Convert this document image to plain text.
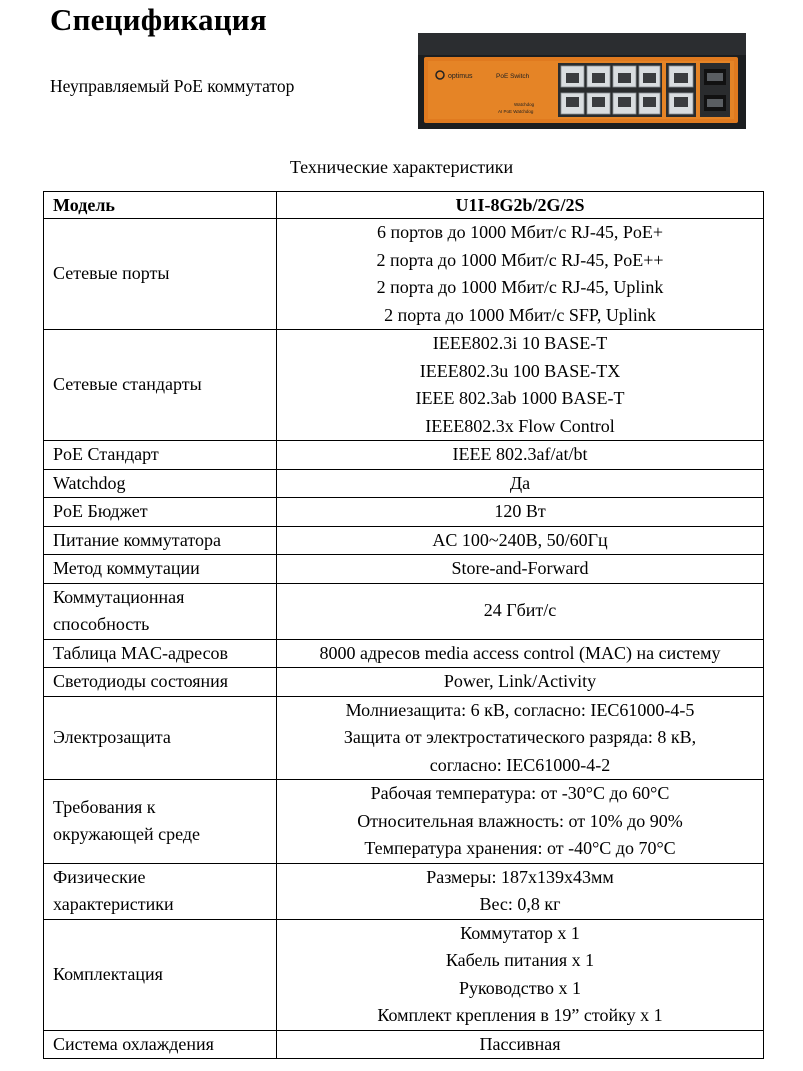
Спецификация
Неуправляемый PoE коммутатор	optimus	PoE Switch
Watchdog
AI PoE Watchdog
Технические характеристики
Модель	U1I-8G2b/2G/2S

Сетевые порты	6 портов до 1000 Мбит/с RJ-45, PoE+
2 порта до 1000 Мбит/с RJ-45, PoE++
2 порта до 1000 Мбит/с RJ-45, Uplink
2 порта до 1000 Мбит/с SFP, Uplink

Сетевые стандарты	IEEE802.3i 10 BASE-T
IEEE802.3u 100 BASE-TX
IEEE 802.3ab 1000 BASE-T
IEEE802.3x Flow Control

PoE Стандарт	IEEE 802.3af/at/bt

Watchdog	Да

PoE Бюджет	120 Вт

Питание коммутатора	AC 100~240В, 50/60Гц

Метод коммутации	Store-and-Forward

Коммутационная
способность	24 Гбит/с

Таблица MAC-адресов	8000 адресов media access control (MAC) на систему

Светодиоды состояния	Power, Link/Activity

Электрозащита	Молниезащита: 6 кВ, согласно: IEC61000-4-5
Защита от электростатического разряда: 8 кВ,
согласно: IEC61000-4-2

Требования к
окружающей среде	Рабочая температура: от -30°C до 60°C
Относительная влажность: от 10% до 90%
Температура хранения: от -40°C до 70°C

Физические
характеристики	Размеры: 187x139x43мм
Вес: 0,8 кг

Комплектация	Коммутатор x 1
Кабель питания x 1
Руководство x 1
Комплект крепления в 19” стойку x 1

Система охлаждения	Пассивная
